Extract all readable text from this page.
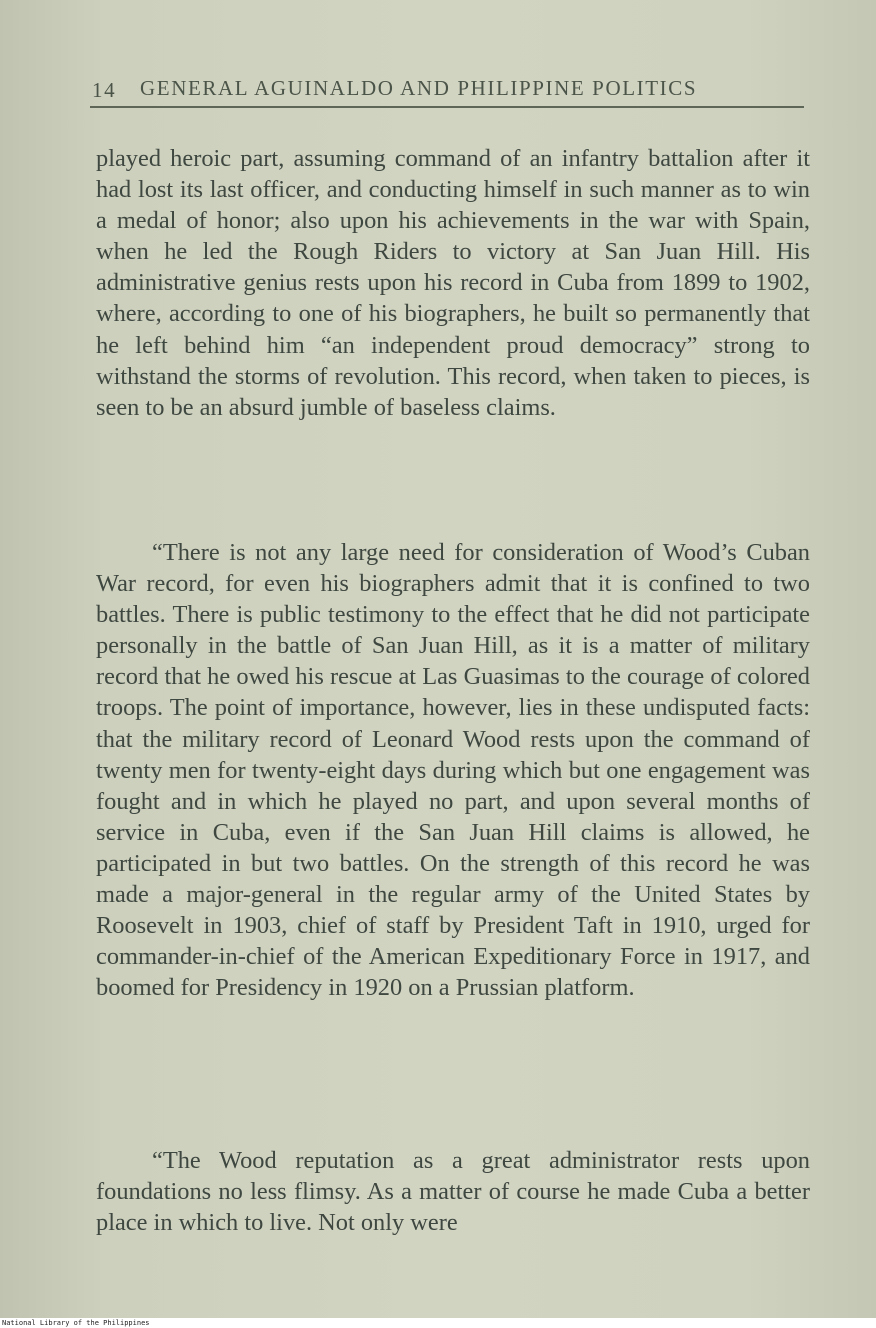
14 GENERAL AGUINALDO AND PHILIPPINE POLITICS

played heroic part, assuming command of an infantry battalion after it had lost its last officer, and conducting himself in such manner as to win a medal of honor; also upon his achievements in the war with Spain, when he led the Rough Riders to victory at San Juan Hill. His administrative genius rests upon his record in Cuba from 1899 to 1902, where, according to one of his biographers, he built so permanently that he left behind him “an independent proud democracy” strong to withstand the storms of revolution. This record, when taken to pieces, is seen to be an absurd jumble of baseless claims.

“There is not any large need for consideration of Wood’s Cuban War record, for even his biographers admit that it is confined to two battles. There is public testimony to the effect that he did not participate personally in the battle of San Juan Hill, as it is a matter of military record that he owed his rescue at Las Guasimas to the courage of colored troops. The point of importance, however, lies in these undisputed facts: that the military record of Leonard Wood rests upon the command of twenty men for twenty-eight days during which but one engagement was fought and in which he played no part, and upon several months of service in Cuba, even if the San Juan Hill claims is allowed, he participated in but two battles. On the strength of this record he was made a major-general in the regular army of the United States by Roosevelt in 1903, chief of staff by President Taft in 1910, urged for commander-in-chief of the American Expeditionary Force in 1917, and boomed for Presidency in 1920 on a Prussian platform.

“The Wood reputation as a great administrator rests upon foundations no less flimsy. As a matter of course he made Cuba a better place in which to live. Not only were

National Library of the Philippines
